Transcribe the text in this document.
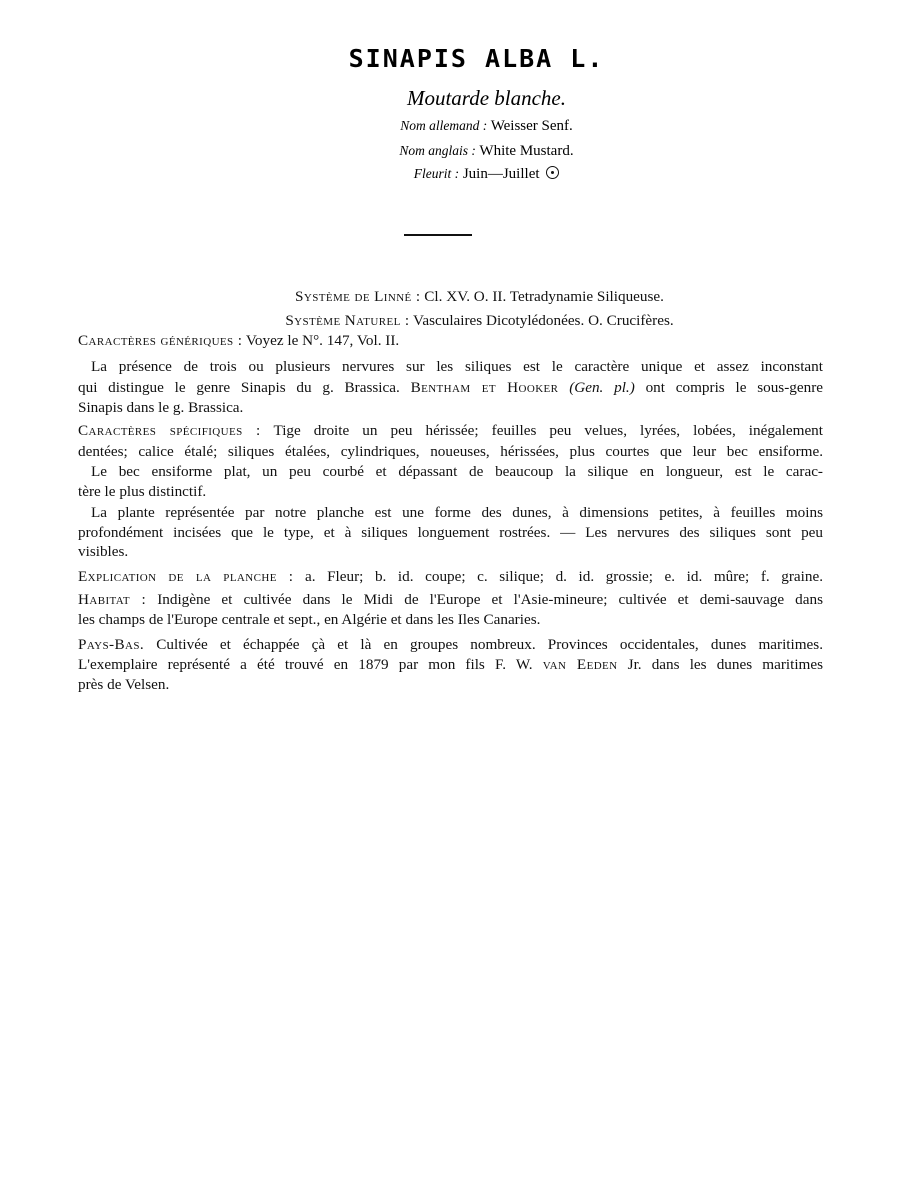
SINAPIS ALBA L.
Moutarde blanche.
Nom allemand : Weisser Senf.
Nom anglais : White Mustard.
Fleurit : Juin—Juillet
Système de Linné : Cl. XV. O. II. Tetradynamie Siliqueuse.
Système Naturel : Vasculaires Dicotylédonées. O. Crucifères.
Caractères génériques : Voyez le N°. 147, Vol. II.
La présence de trois ou plusieurs nervures sur les siliques est le caractère unique et assez inconstant
qui distingue le genre Sinapis du g. Brassica. Bentham et Hooker (Gen. pl.) ont compris le sous-genre
Sinapis dans le g. Brassica.
Caractères spécifiques : Tige droite un peu hérissée; feuilles peu velues, lyrées, lobées, inégalement
dentées; calice étalé; siliques étalées, cylindriques, noueuses, hérissées, plus courtes que leur bec ensiforme.
Le bec ensiforme plat, un peu courbé et dépassant de beaucoup la silique en longueur, est le carac-
tère le plus distinctif.
La plante représentée par notre planche est une forme des dunes, à dimensions petites, à feuilles moins
profondément incisées que le type, et à siliques longuement rostrées. — Les nervures des siliques sont peu
visibles.
Explication de la planche : a. Fleur; b. id. coupe; c. silique; d. id. grossie; e. id. mûre; f. graine.
Habitat : Indigène et cultivée dans le Midi de l'Europe et l'Asie-mineure; cultivée et demi-sauvage dans
les champs de l'Europe centrale et sept., en Algérie et dans les Iles Canaries.
Pays-Bas. Cultivée et échappée çà et là en groupes nombreux. Provinces occidentales, dunes maritimes.
L'exemplaire représenté a été trouvé en 1879 par mon fils F. W. van Eeden Jr. dans les dunes maritimes
près de Velsen.
